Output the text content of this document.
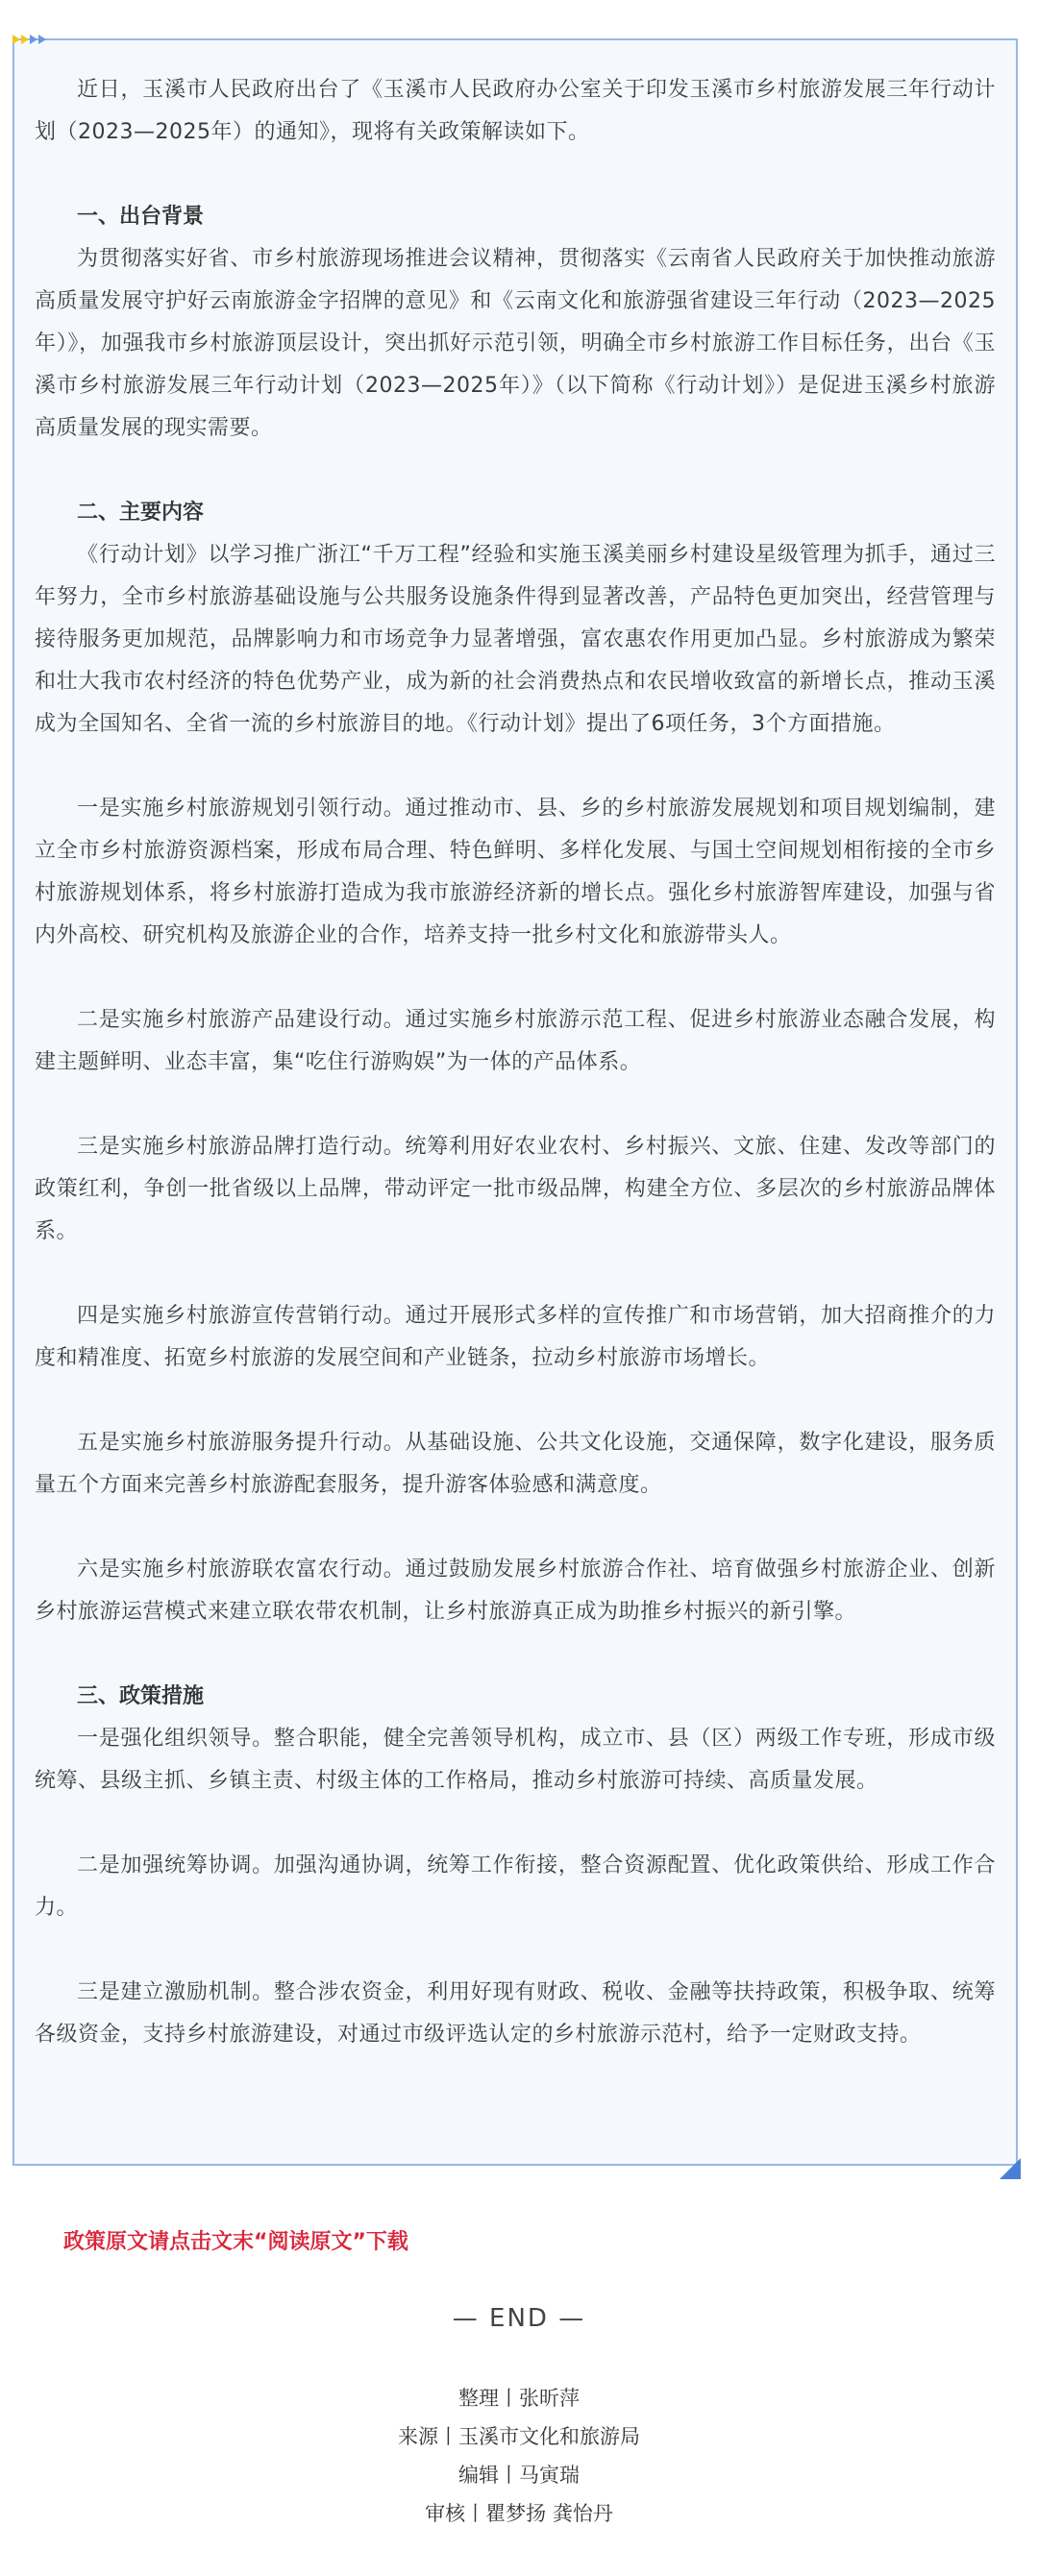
近日，玉溪市人民政府出台了《玉溪市人民政府办公室关于印发玉溪市乡村旅游发展三年行动计划（2023—2025年）的通知》，现将有关政策解读如下。

一、出台背景

为贯彻落实好省、市乡村旅游现场推进会议精神，贯彻落实《云南省人民政府关于加快推动旅游高质量发展守护好云南旅游金字招牌的意见》和《云南文化和旅游强省建设三年行动（2023—2025年）》，加强我市乡村旅游顶层设计，突出抓好示范引领，明确全市乡村旅游工作目标任务，出台《玉溪市乡村旅游发展三年行动计划（2023—2025年）》（以下简称《行动计划》）是促进玉溪乡村旅游高质量发展的现实需要。

二、主要内容

《行动计划》以学习推广浙江“千万工程”经验和实施玉溪美丽乡村建设星级管理为抓手，通过三年努力，全市乡村旅游基础设施与公共服务设施条件得到显著改善，产品特色更加突出，经营管理与接待服务更加规范，品牌影响力和市场竞争力显著增强，富农惠农作用更加凸显。乡村旅游成为繁荣和壮大我市农村经济的特色优势产业，成为新的社会消费热点和农民增收致富的新增长点，推动玉溪成为全国知名、全省一流的乡村旅游目的地。《行动计划》提出了6项任务，3个方面措施。

一是实施乡村旅游规划引领行动。通过推动市、县、乡的乡村旅游发展规划和项目规划编制，建立全市乡村旅游资源档案，形成布局合理、特色鲜明、多样化发展、与国土空间规划相衔接的全市乡村旅游规划体系，将乡村旅游打造成为我市旅游经济新的增长点。强化乡村旅游智库建设，加强与省内外高校、研究机构及旅游企业的合作，培养支持一批乡村文化和旅游带头人。

二是实施乡村旅游产品建设行动。通过实施乡村旅游示范工程、促进乡村旅游业态融合发展，构建主题鲜明、业态丰富，集“吃住行游购娱”为一体的产品体系。

三是实施乡村旅游品牌打造行动。统筹利用好农业农村、乡村振兴、文旅、住建、发改等部门的政策红利，争创一批省级以上品牌，带动评定一批市级品牌，构建全方位、多层次的乡村旅游品牌体系。

四是实施乡村旅游宣传营销行动。通过开展形式多样的宣传推广和市场营销，加大招商推介的力度和精准度、拓宽乡村旅游的发展空间和产业链条，拉动乡村旅游市场增长。

五是实施乡村旅游服务提升行动。从基础设施、公共文化设施，交通保障，数字化建设，服务质量五个方面来完善乡村旅游配套服务，提升游客体验感和满意度。

六是实施乡村旅游联农富农行动。通过鼓励发展乡村旅游合作社、培育做强乡村旅游企业、创新乡村旅游运营模式来建立联农带农机制，让乡村旅游真正成为助推乡村振兴的新引擎。

三、政策措施

一是强化组织领导。整合职能，健全完善领导机构，成立市、县（区）两级工作专班，形成市级统筹、县级主抓、乡镇主责、村级主体的工作格局，推动乡村旅游可持续、高质量发展。

二是加强统筹协调。加强沟通协调，统筹工作衔接，整合资源配置、优化政策供给、形成工作合力。

三是建立激励机制。整合涉农资金，利用好现有财政、税收、金融等扶持政策，积极争取、统筹各级资金，支持乡村旅游建设，对通过市级评选认定的乡村旅游示范村，给予一定财政支持。

政策原文请点击文末“阅读原文”下载
— END —
整理丨张昕萍
来源丨玉溪市文化和旅游局
编辑丨马寅瑞
审核丨瞿梦扬 龚怡丹
